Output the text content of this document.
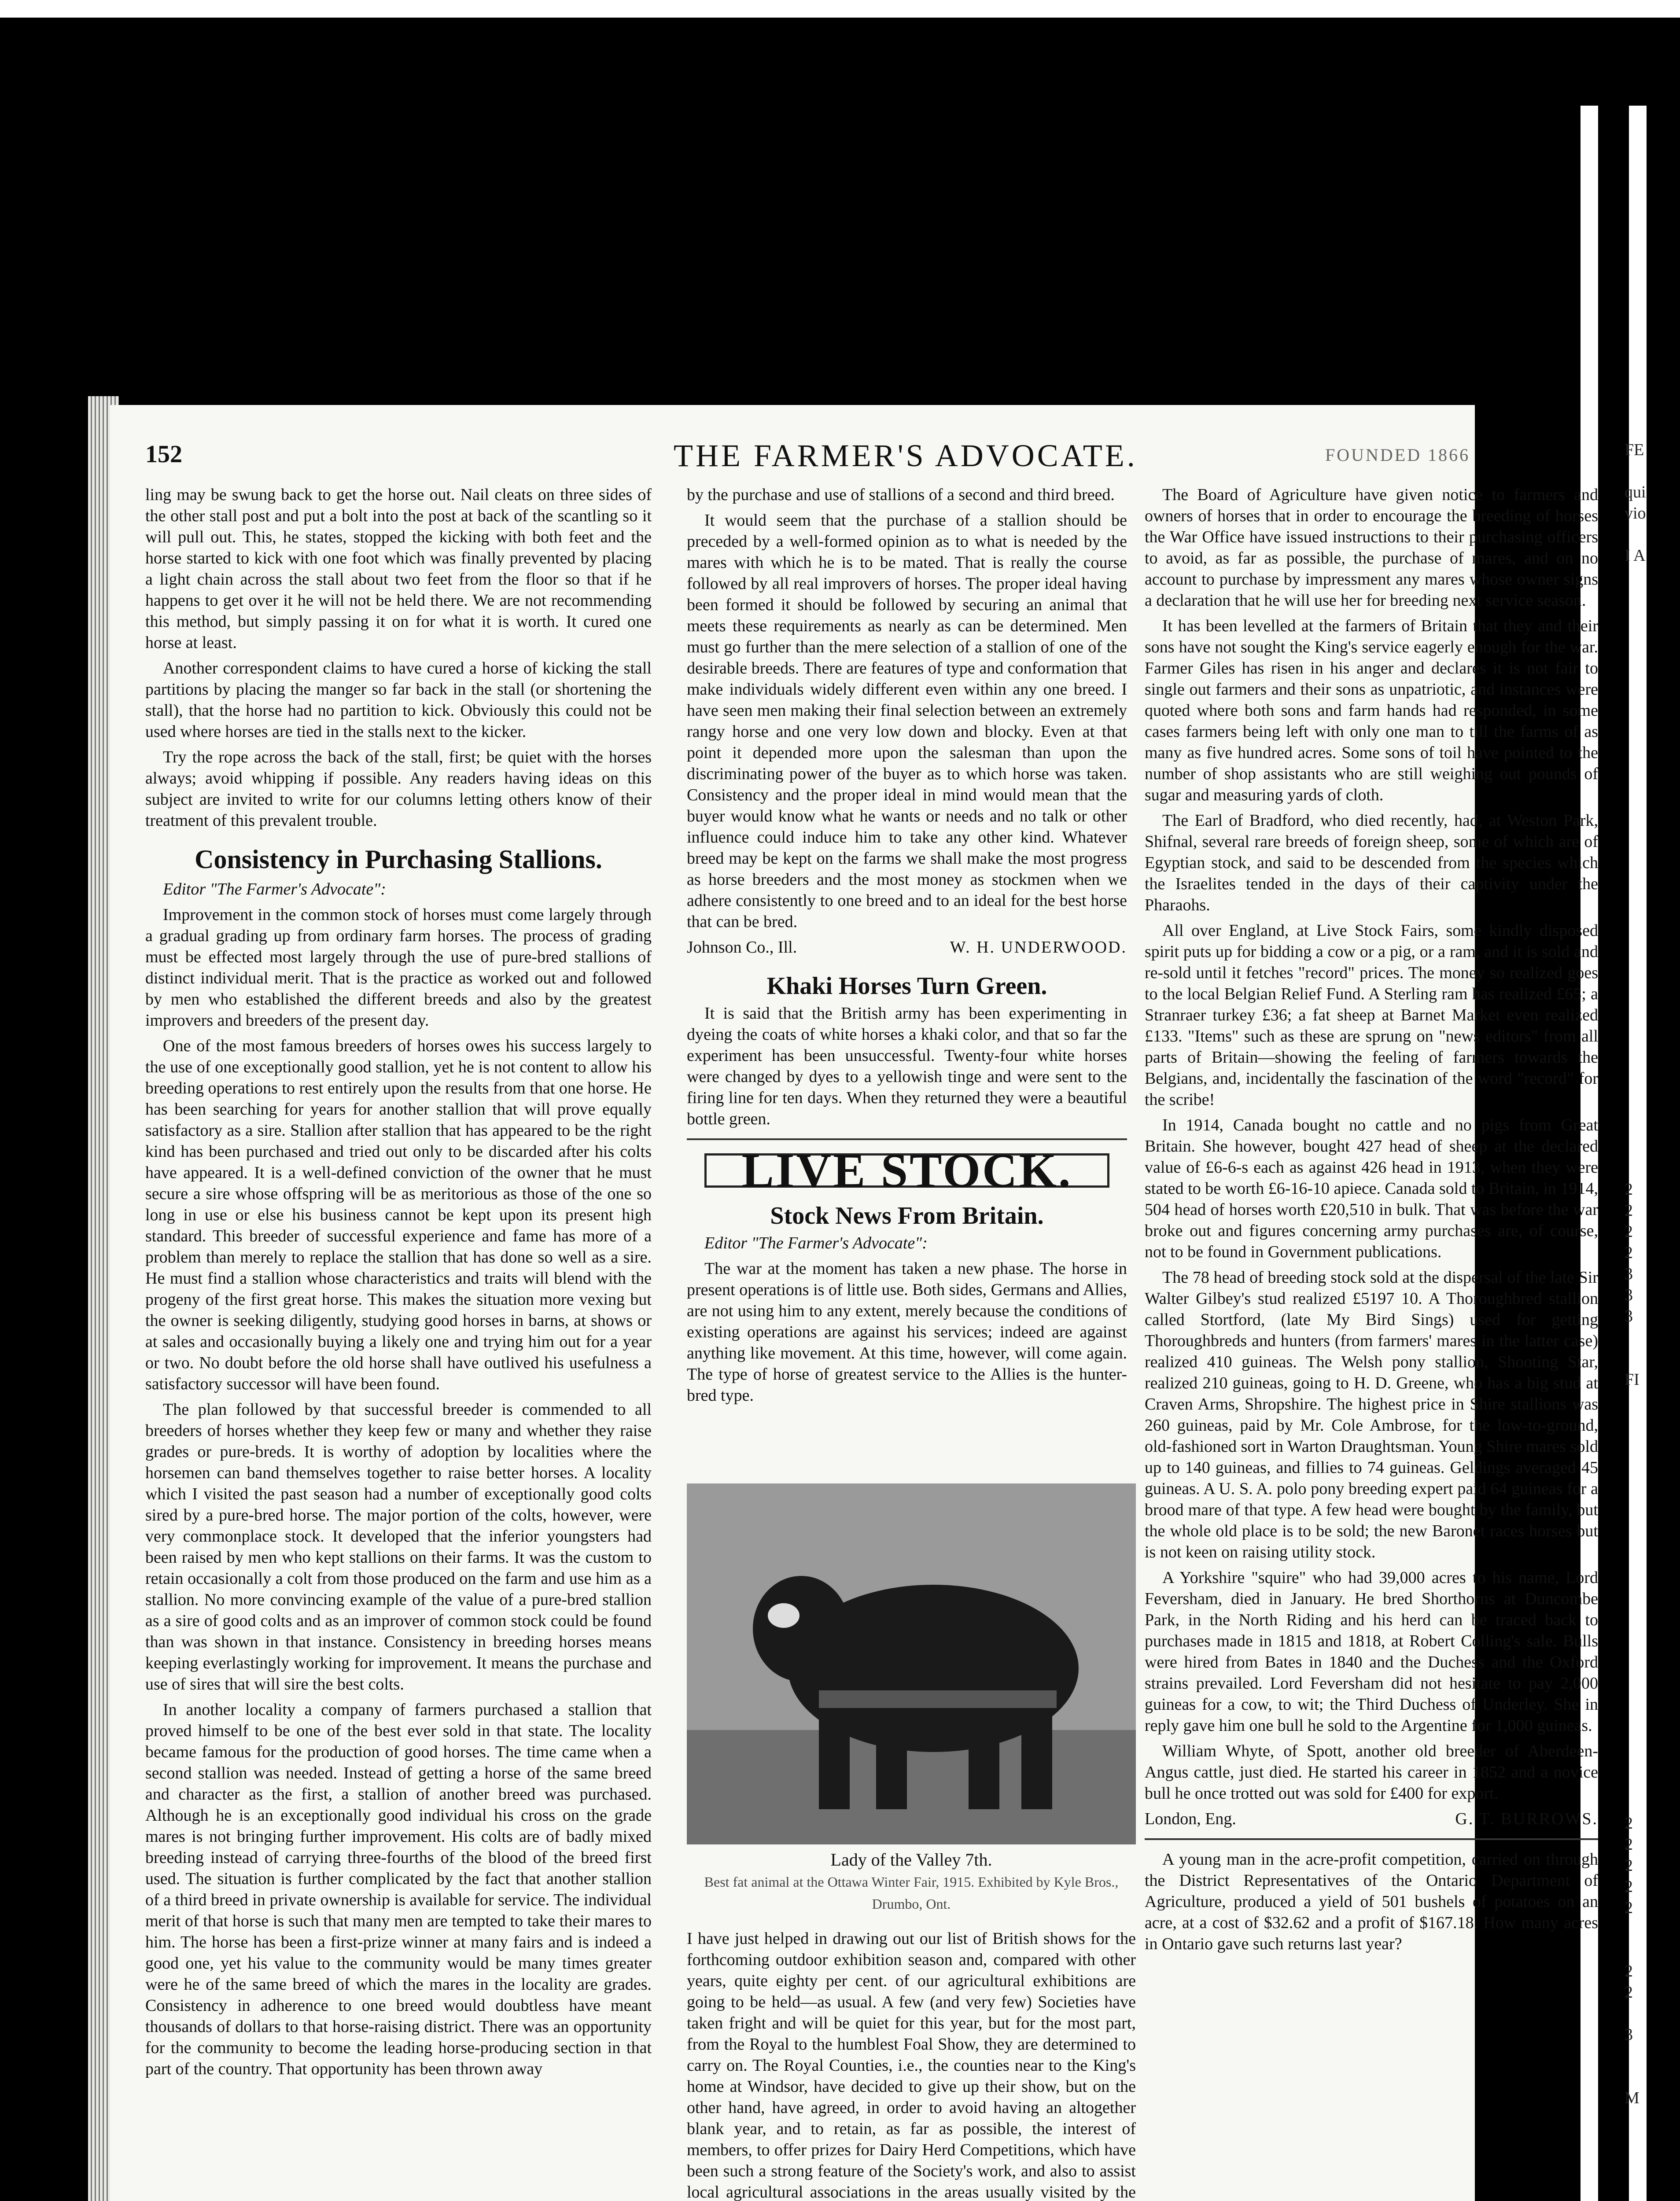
152	THE FARMER'S ADVOCATE.	FOUNDED 1866

ling may be swung back to get the horse out. Nail cleats on three sides of the other stall post and put a bolt into the post at back of the scantling so it will pull out. This, he states, stopped the kicking with both feet and the horse started to kick with one foot which was finally prevented by placing a light chain across the stall about two feet from the floor so that if he happens to get over it he will not be held there. We are not recommending this method, but simply passing it on for what it is worth. It cured one horse at least.

Another correspondent claims to have cured a horse of kicking the stall partitions by placing the manger so far back in the stall (or shortening the stall), that the horse had no partition to kick. Obviously this could not be used where horses are tied in the stalls next to the kicker.

Try the rope across the back of the stall, first; be quiet with the horses always; avoid whipping if possible. Any readers having ideas on this subject are invited to write for our columns letting others know of their treatment of this prevalent trouble.

Consistency in Purchasing Stallions.

Editor "The Farmer's Advocate":

Improvement in the common stock of horses must come largely through a gradual grading up from ordinary farm horses. The process of grading must be effected most largely through the use of pure-bred stallions of distinct individual merit. That is the practice as worked out and followed by men who established the different breeds and also by the greatest improvers and breeders of the present day.

One of the most famous breeders of horses owes his success largely to the use of one exceptionally good stallion, yet he is not content to allow his breeding operations to rest entirely upon the results from that one horse. He has been searching for years for another stallion that will prove equally satisfactory as a sire. Stallion after stallion that has appeared to be the right kind has been purchased and tried out only to be discarded after his colts have appeared. It is a well-defined conviction of the owner that he must secure a sire whose offspring will be as meritorious as those of the one so long in use or else his business cannot be kept upon its present high standard. This breeder of successful experience and fame has more of a problem than merely to replace the stallion that has done so well as a sire. He must find a stallion whose characteristics and traits will blend with the progeny of the first great horse. This makes the situation more vexing but the owner is seeking diligently, studying good horses in barns, at shows or at sales and occasionally buying a likely one and trying him out for a year or two. No doubt before the old horse shall have outlived his usefulness a satisfactory successor will have been found.

The plan followed by that successful breeder is commended to all breeders of horses whether they keep few or many and whether they raise grades or pure-breds. It is worthy of adoption by localities where the horsemen can band themselves together to raise better horses. A locality which I visited the past season had a number of exceptionally good colts sired by a pure-bred horse. The major portion of the colts, however, were very commonplace stock. It developed that the inferior youngsters had been raised by men who kept stallions on their farms. It was the custom to retain occasionally a colt from those produced on the farm and use him as a stallion. No more convincing example of the value of a pure-bred stallion as a sire of good colts and as an improver of common stock could be found than was shown in that instance. Consistency in breeding horses means keeping everlastingly working for improvement. It means the purchase and use of sires that will sire the best colts.

In another locality a company of farmers purchased a stallion that proved himself to be one of the best ever sold in that state. The locality became famous for the production of good horses. The time came when a second stallion was needed. Instead of getting a horse of the same breed and character as the first, a stallion of another breed was purchased. Although he is an exceptionally good individual his cross on the grade mares is not bringing further improvement. His colts are of badly mixed breeding instead of carrying three-fourths of the blood of the breed first used. The situation is further complicated by the fact that another stallion of a third breed in private ownership is available for service. The individual merit of that horse is such that many men are tempted to take their mares to him. The horse has been a first-prize winner at many fairs and is indeed a good one, yet his value to the community would be many times greater were he of the same breed of which the mares in the locality are grades. Consistency in adherence to one breed would doubtless have meant thousands of dollars to that horse-raising district. There was an opportunity for the community to become the leading horse-producing section in that part of the country. That opportunity has been thrown away

by the purchase and use of stallions of a second and third breed.

It would seem that the purchase of a stallion should be preceded by a well-formed opinion as to what is needed by the mares with which he is to be mated. That is really the course followed by all real improvers of horses. The proper ideal having been formed it should be followed by securing an animal that meets these requirements as nearly as can be determined. Men must go further than the mere selection of a stallion of one of the desirable breeds. There are features of type and conformation that make individuals widely different even within any one breed. I have seen men making their final selection between an extremely rangy horse and one very low down and blocky. Even at that point it depended more upon the salesman than upon the discriminating power of the buyer as to which horse was taken. Consistency and the proper ideal in mind would mean that the buyer would know what he wants or needs and no talk or other influence could induce him to take any other kind. Whatever breed may be kept on the farms we shall make the most progress as horse breeders and the most money as stockmen when we adhere consistently to one breed and to an ideal for the best horse that can be bred.

Johnson Co., Ill.	W. H. UNDERWOOD.

Khaki Horses Turn Green.

It is said that the British army has been experimenting in dyeing the coats of white horses a khaki color, and that so far the experiment has been unsuccessful. Twenty-four white horses were changed by dyes to a yellowish tinge and were sent to the firing line for ten days. When they returned they were a beautiful bottle green.

LIVE STOCK.
Stock News From Britain.

Editor "The Farmer's Advocate":

The war at the moment has taken a new phase. The horse in present operations is of little use. Both sides, Germans and Allies, are not using him to any extent, merely because the conditions of existing operations are against his services; indeed are against anything like movement. At this time, however, will come again. The type of horse of greatest service to the Allies is the hunter-bred type.

Lady of the Valley 7th.
Best fat animal at the Ottawa Winter Fair, 1915. Exhibited by Kyle Bros., Drumbo, Ont.
I have just helped in drawing out our list of British shows for the forthcoming outdoor exhibition season and, compared with other years, quite eighty per cent. of our agricultural exhibitions are going to be held—as usual. A few (and very few) Societies have taken fright and will be quiet for this year, but for the most part, from the Royal to the humblest Foal Show, they are determined to carry on. The Royal Counties, i.e., the counties near to the King's home at Windsor, have decided to give up their show, but on the other hand, have agreed, in order to avoid having an altogether blank year, and to retain, as far as possible, the interest of members, to offer prizes for Dairy Herd Competitions, which have been such a strong feature of the Society's work, and also to assist local agricultural associations in the areas usually visited by the

The Board of Agriculture have given notice to farmers and owners of horses that in order to encourage the breeding of horses the War Office have issued instructions to their purchasing officers to avoid, as far as possible, the purchase of mares, and on no account to purchase by impressment any mares whose owner signs a declaration that he will use her for breeding next service season.

It has been levelled at the farmers of Britain that they and their sons have not sought the King's service eagerly enough for the war. Farmer Giles has risen in his anger and declares it is not fair to single out farmers and their sons as unpatriotic, and instances were quoted where both sons and farm hands had responded, in some cases farmers being left with only one man to till the farms of as many as five hundred acres. Some sons of toil have pointed to the number of shop assistants who are still weighing out pounds of sugar and measuring yards of cloth.

The Earl of Bradford, who died recently, had, at Weston Park, Shifnal, several rare breeds of foreign sheep, some of which are of Egyptian stock, and said to be descended from the species which the Israelites tended in the days of their captivity under the Pharaohs.

All over England, at Live Stock Fairs, some kindly disposed spirit puts up for bidding a cow or a pig, or a ram, and it is sold and re-sold until it fetches "record" prices. The money so realized goes to the local Belgian Relief Fund. A Sterling ram has realized £65; a Stranraer turkey £36; a fat sheep at Barnet Market even realized £133. "Items" such as these are sprung on "news editors" from all parts of Britain—showing the feeling of farmers towards the Belgians, and, incidentally the fascination of the word "record" for the scribe!

In 1914, Canada bought no cattle and no pigs from Great Britain. She however, bought 427 head of sheep at the declared value of £6-6-s each as against 426 head in 1913, when they were stated to be worth £6-16-10 apiece. Canada sold to Britain, in 1914, 504 head of horses worth £20,510 in bulk. That was before the war broke out and figures concerning army purchases are, of course, not to be found in Government publications.

The 78 head of breeding stock sold at the dispersal of the late Sir Walter Gilbey's stud realized £5197 10. A Thoroughbred stallion called Stortford, (late My Bird Sings) used for getting Thoroughbreds and hunters (from farmers' mares in the latter case) realized 410 guineas. The Welsh pony stallion, Shooting Star, realized 210 guineas, going to H. D. Greene, who has a big stud at Craven Arms, Shropshire. The highest price in Shire stallions was 260 guineas, paid by Mr. Cole Ambrose, for the low-to-ground, old-fashioned sort in Warton Draughtsman. Young Shire mares sold up to 140 guineas, and fillies to 74 guineas. Geldings averaged 45 guineas. A U. S. A. polo pony breeding expert paid 64 guineas for a brood mare of that type. A few head were bought by the family, but the whole old place is to be sold; the new Baronet races horses but is not keen on raising utility stock.

A Yorkshire "squire" who had 39,000 acres to his name, Lord Feversham, died in January. He bred Shorthorns at Duncombe Park, in the North Riding and his herd can be traced back to purchases made in 1815 and 1818, at Robert Colling's sale. Bulls were hired from Bates in 1840 and the Duchess and the Oxford strains prevailed. Lord Feversham did not hesitate to pay 2,000 guineas for a cow, to wit; the Third Duchess of Underley. She in reply gave him one bull he sold to the Argentine for 1,000 guineas.

William Whyte, of Spott, another old breeder of Aberdeen-Angus cattle, just died. He started his career in 1852 and a novice bull he once trotted out was sold for £400 for export.

London, Eng.	G. T. BURROWS.

A young man in the acre-profit competition, carried on through the District Representatives of the Ontario Department of Agriculture, produced a yield of 501 bushels of potatoes on an acre, at a cost of $32.62 and a profit of $167.18. How many acres in Ontario gave such returns last year?

FE
qui
vio
I A
2
2
2
2
3
3
3
FI
2
2
2
2
2
2
2
3
M
